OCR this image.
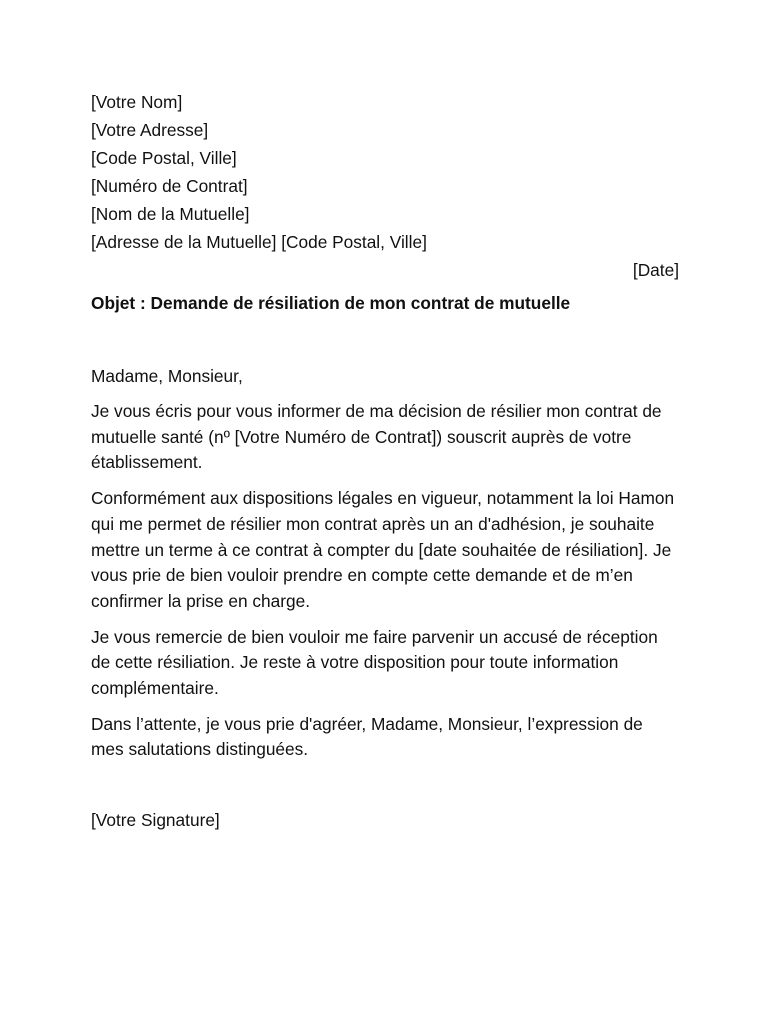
[Votre Nom]
[Votre Adresse]
[Code Postal, Ville]
[Numéro de Contrat]
[Nom de la Mutuelle]
[Adresse de la Mutuelle] [Code Postal, Ville]
[Date]
Objet : Demande de résiliation de mon contrat de mutuelle
Madame, Monsieur,
Je vous écris pour vous informer de ma décision de résilier mon contrat de mutuelle santé (nº [Votre Numéro de Contrat]) souscrit auprès de votre établissement.
Conformément aux dispositions légales en vigueur, notamment la loi Hamon qui me permet de résilier mon contrat après un an d'adhésion, je souhaite mettre un terme à ce contrat à compter du [date souhaitée de résiliation]. Je vous prie de bien vouloir prendre en compte cette demande et de m’en confirmer la prise en charge.
Je vous remercie de bien vouloir me faire parvenir un accusé de réception de cette résiliation. Je reste à votre disposition pour toute information complémentaire.
Dans l’attente, je vous prie d'agréer, Madame, Monsieur, l’expression de mes salutations distinguées.
[Votre Signature]
